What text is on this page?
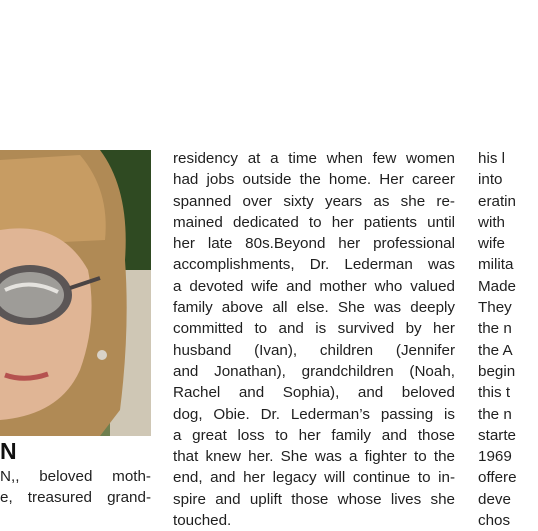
N
N,, beloved moth-
e, treasured grand-
residency at a time when few women
had jobs outside the home. Her career
spanned over sixty years as she re-
mained dedicated to her patients until
her late 80s.Beyond her professional
accomplishments, Dr. Lederman was
a devoted wife and mother who valued
family above all else. She was deeply
committed to and is survived by her
husband (Ivan), children (Jennifer
and Jonathan), grandchildren (Noah,
Rachel and Sophia), and beloved
dog, Obie. Dr. Lederman’s passing is
a great loss to her family and those
that knew her. She was a fighter to the
end, and her legacy will continue to in-
spire and uplift those whose lives she
touched.
his l
into
eratin
with
wife
milita
Made
They
the n
the A
begin
this t
the n
starte
1969
offere
deve
chos
